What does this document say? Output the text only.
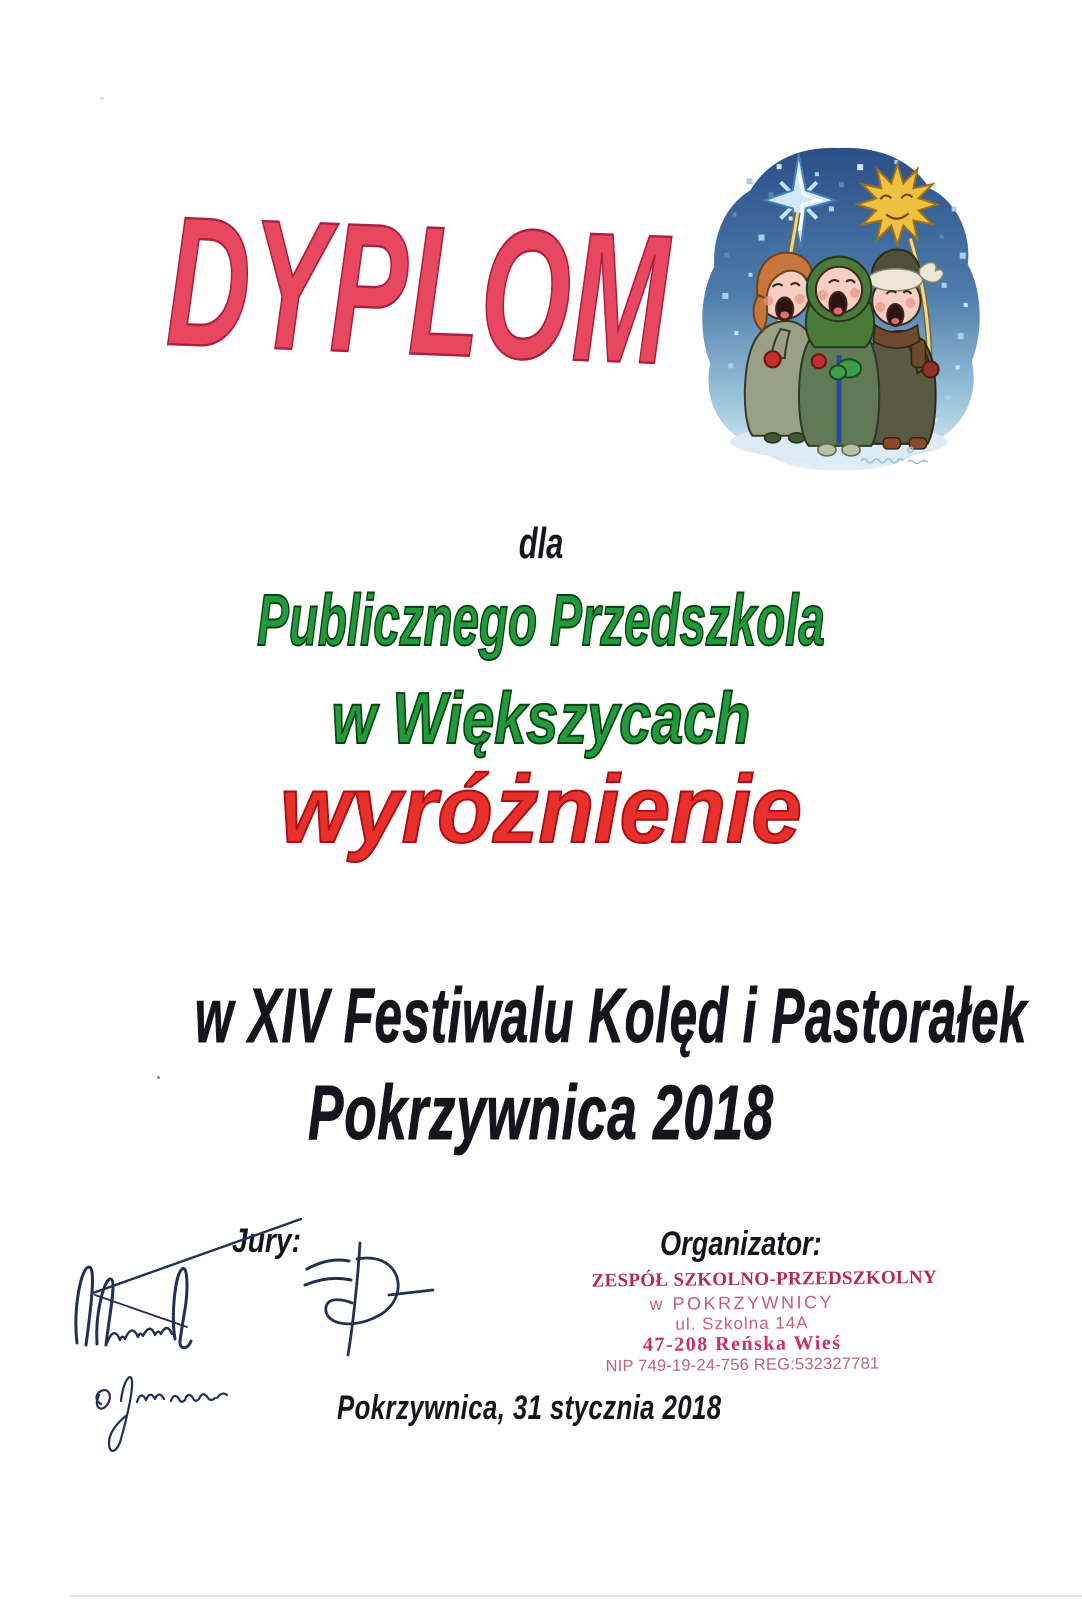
DYPLOM
dla
Publicznego Przedszkola
w Większycach
wyróżnienie
w XIV Festiwalu Kolęd i Pastorałek
Pokrzywnica 2018
Jury:	Organizator:
ZESPÓŁ SZKOLNO-PRZEDSZKOLNY
w POKRZYWNICY
ul. Szkolna 14A
47-208 Reńska Wieś
NIP 749-19-24-756 REG:532327781
Pokrzywnica, 31 stycznia 2018
